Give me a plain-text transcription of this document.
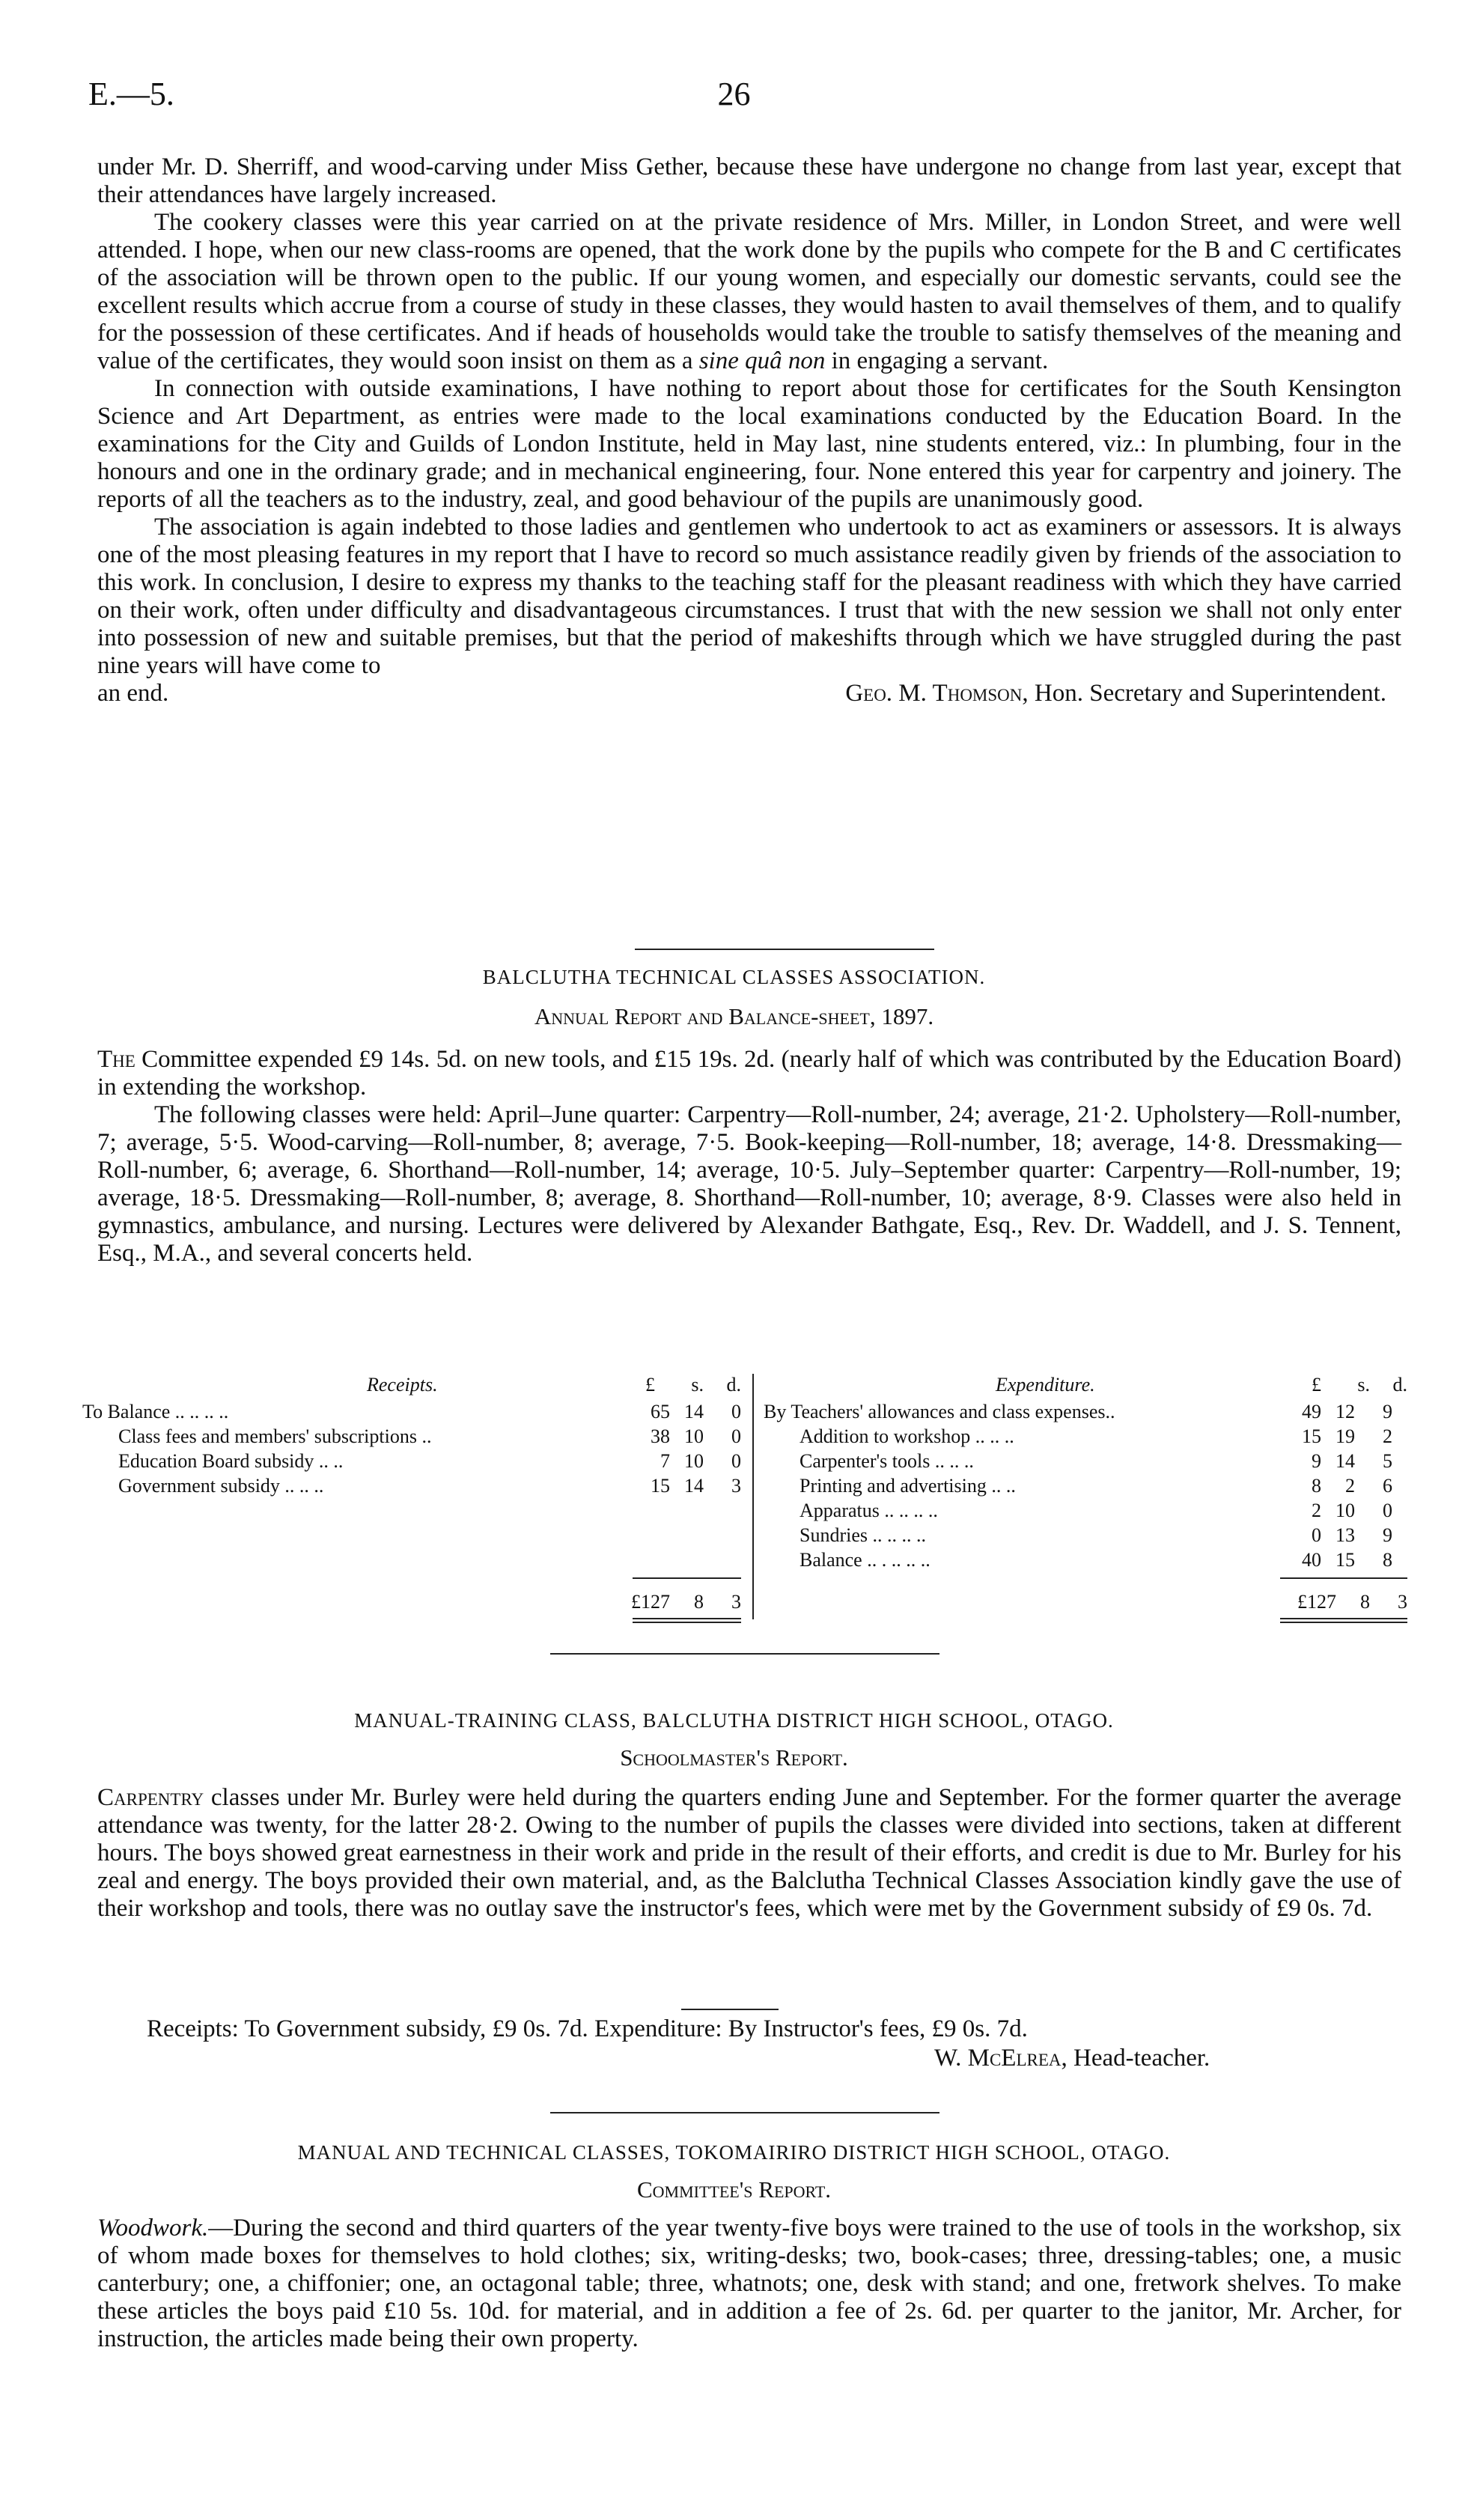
E.—5.	26

under Mr. D. Sherriff, and wood-carving under Miss Gether, because these have undergone no change from last year, except that their attendances have largely increased.

The cookery classes were this year carried on at the private residence of Mrs. Miller, in London Street, and were well attended. I hope, when our new class-rooms are opened, that the work done by the pupils who compete for the B and C certificates of the association will be thrown open to the public. If our young women, and especially our domestic servants, could see the excellent results which accrue from a course of study in these classes, they would hasten to avail themselves of them, and to qualify for the possession of these certificates. And if heads of households would take the trouble to satisfy themselves of the meaning and value of the certificates, they would soon insist on them as a sine quâ non in engaging a servant.

In connection with outside examinations, I have nothing to report about those for certificates for the South Kensington Science and Art Department, as entries were made to the local examinations conducted by the Education Board. In the examinations for the City and Guilds of London Institute, held in May last, nine students entered, viz.: In plumbing, four in the honours and one in the ordinary grade; and in mechanical engineering, four. None entered this year for carpentry and joinery. The reports of all the teachers as to the industry, zeal, and good behaviour of the pupils are unanimously good.

The association is again indebted to those ladies and gentlemen who undertook to act as examiners or assessors. It is always one of the most pleasing features in my report that I have to record so much assistance readily given by friends of the association to this work. In conclusion, I desire to express my thanks to the teaching staff for the pleasant readiness with which they have carried on their work, often under difficulty and disadvantageous circumstances. I trust that with the new session we shall not only enter into possession of new and suitable premises, but that the period of makeshifts through which we have struggled during the past nine years will have come to

an end.	Geo. M. Thomson, Hon. Secretary and Superintendent.
BALCLUTHA TECHNICAL CLASSES ASSOCIATION.
Annual Report and Balance-sheet, 1897.

The Committee expended £9 14s. 5d. on new tools, and £15 19s. 2d. (nearly half of which was contributed by the Education Board) in extending the workshop.

The following classes were held: April–June quarter: Carpentry—Roll-number, 24; average, 21·2. Upholstery—Roll-number, 7; average, 5·5. Wood-carving—Roll-number, 8; average, 7·5. Book-keeping—Roll-number, 18; average, 14·8. Dressmaking—Roll-number, 6; average, 6. Shorthand—Roll-number, 14; average, 10·5. July–September quarter: Carpentry—Roll-number, 19; average, 18·5. Dressmaking—Roll-number, 8; average, 8. Shorthand—Roll-number, 10; average, 8·9. Classes were also held in gymnastics, ambulance, and nursing. Lectures were delivered by Alexander Bathgate, Esq., Rev. Dr. Waddell, and J. S. Tennent, Esq., M.A., and several concerts held.

Receipts.	£	s.	d.	Expenditure.	£	s.	d.
To Balance .. .. .. ..	65 14	0
Class fees and members' subscriptions ..	38 10	0
Education Board subsidy .. ..	7 10	0
Government subsidy .. .. ..	15 14	3
By Teachers' allowances and class expenses..	49 12	9
Addition to workshop .. .. ..	15 19	2
Carpenter's tools .. .. ..	9 14	5
Printing and advertising .. ..	8	2	6
Apparatus .. .. .. ..	2 10	0
Sundries .. .. .. ..	0 13	9
Balance .. . .. .. ..	40 15	8
£127	8	3	£127	8	3
MANUAL-TRAINING CLASS, BALCLUTHA DISTRICT HIGH SCHOOL, OTAGO.
Schoolmaster's Report.

Carpentry classes under Mr. Burley were held during the quarters ending June and September. For the former quarter the average attendance was twenty, for the latter 28·2. Owing to the number of pupils the classes were divided into sections, taken at different hours. The boys showed great earnestness in their work and pride in the result of their efforts, and credit is due to Mr. Burley for his zeal and energy. The boys provided their own material, and, as the Balclutha Technical Classes Association kindly gave the use of their workshop and tools, there was no outlay save the instructor's fees, which were met by the Government subsidy of £9 0s. 7d.

Receipts: To Government subsidy, £9 0s. 7d. Expenditure: By Instructor's fees, £9 0s. 7d.
W. McElrea, Head-teacher.
MANUAL AND TECHNICAL CLASSES, TOKOMAIRIRO DISTRICT HIGH SCHOOL, OTAGO.
Committee's Report.

Woodwork.—During the second and third quarters of the year twenty-five boys were trained to the use of tools in the workshop, six of whom made boxes for themselves to hold clothes; six, writing-desks; two, book-cases; three, dressing-tables; one, a music canterbury; one, a chiffonier; one, an octagonal table; three, whatnots; one, desk with stand; and one, fretwork shelves. To make these articles the boys paid £10 5s. 10d. for material, and in addition a fee of 2s. 6d. per quarter to the janitor, Mr. Archer, for instruction, the articles made being their own property.
